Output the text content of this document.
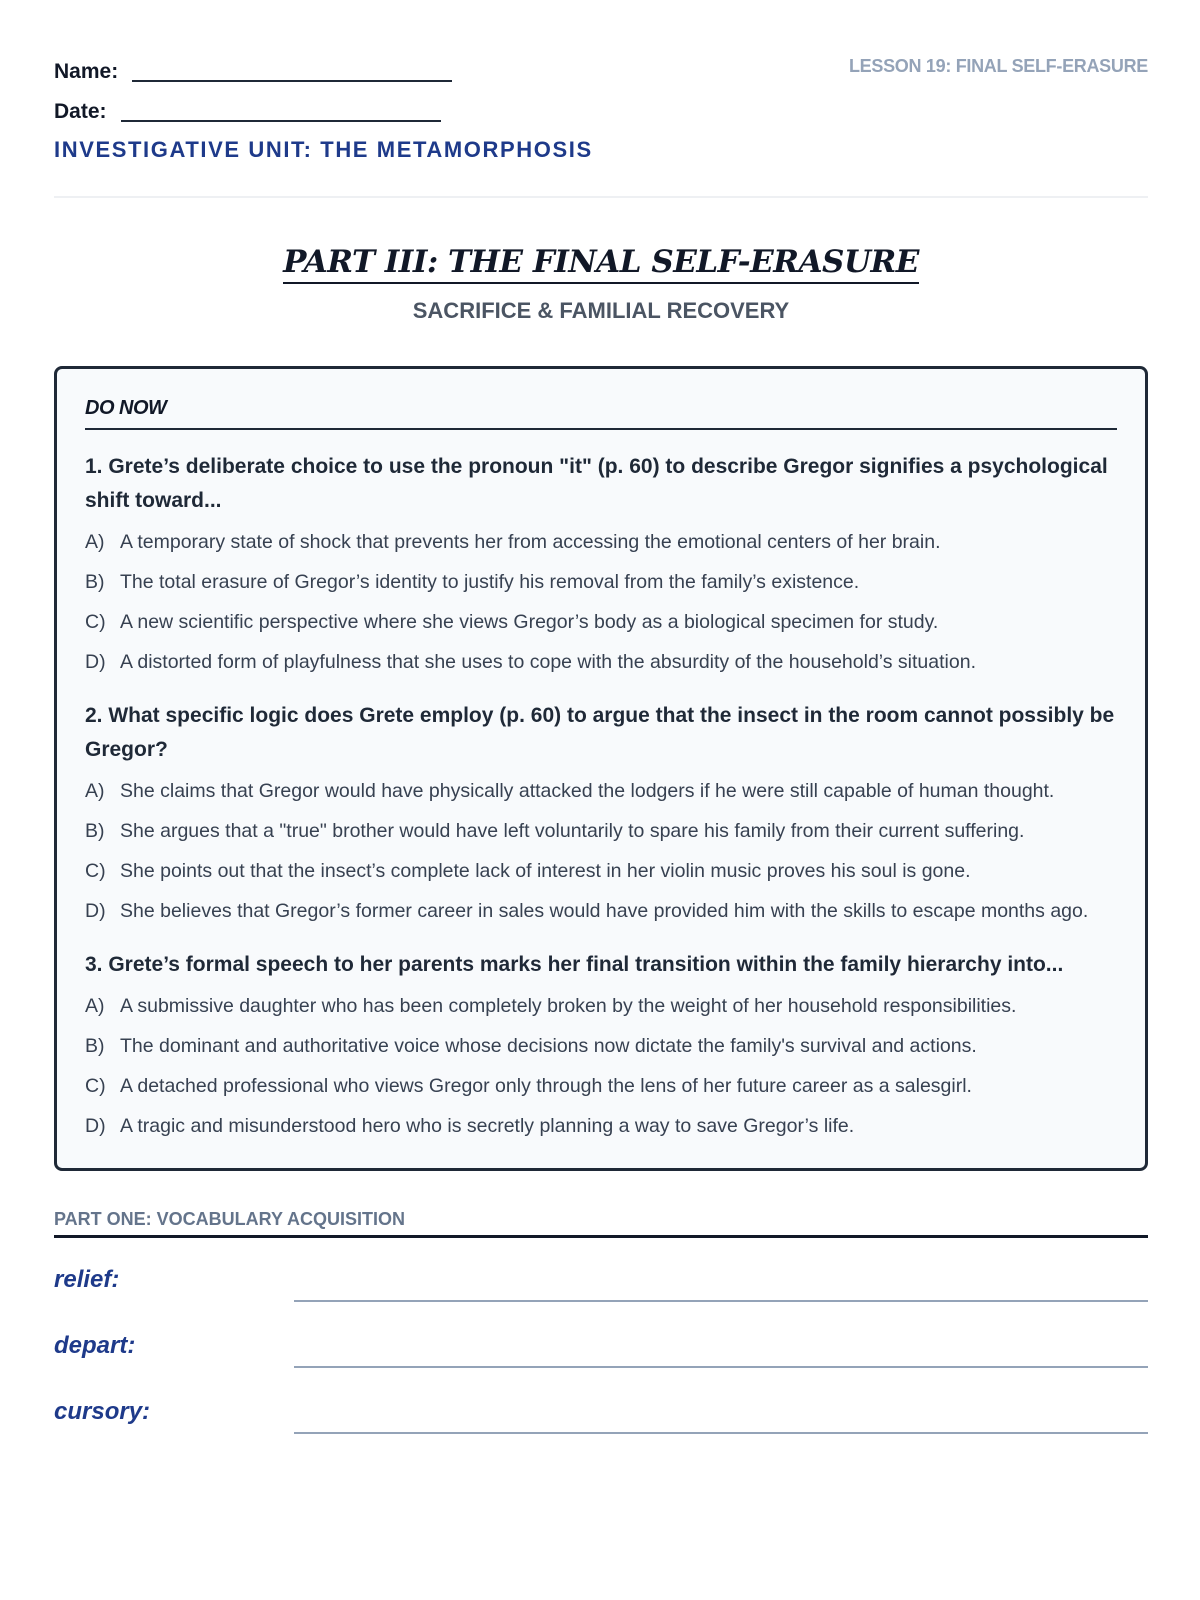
Name:
Date:
INVESTIGATIVE UNIT: THE METAMORPHOSIS
LESSON 19: FINAL SELF-ERASURE
PART III: THE FINAL SELF-ERASURE
SACRIFICE & FAMILIAL RECOVERY
DO NOW
1. Grete’s deliberate choice to use the pronoun "it" (p. 60) to describe Gregor signifies a psychological shift toward...
A) A temporary state of shock that prevents her from accessing the emotional centers of her brain.
B) The total erasure of Gregor’s identity to justify his removal from the family’s existence.
C) A new scientific perspective where she views Gregor’s body as a biological specimen for study.
D) A distorted form of playfulness that she uses to cope with the absurdity of the household’s situation.
2. What specific logic does Grete employ (p. 60) to argue that the insect in the room cannot possibly be Gregor?
A) She claims that Gregor would have physically attacked the lodgers if he were still capable of human thought.
B) She argues that a "true" brother would have left voluntarily to spare his family from their current suffering.
C) She points out that the insect’s complete lack of interest in her violin music proves his soul is gone.
D) She believes that Gregor’s former career in sales would have provided him with the skills to escape months ago.
3. Grete’s formal speech to her parents marks her final transition within the family hierarchy into...
A) A submissive daughter who has been completely broken by the weight of her household responsibilities.
B) The dominant and authoritative voice whose decisions now dictate the family's survival and actions.
C) A detached professional who views Gregor only through the lens of her future career as a salesgirl.
D) A tragic and misunderstood hero who is secretly planning a way to save Gregor’s life.
PART ONE: VOCABULARY ACQUISITION
relief:
depart:
cursory:
